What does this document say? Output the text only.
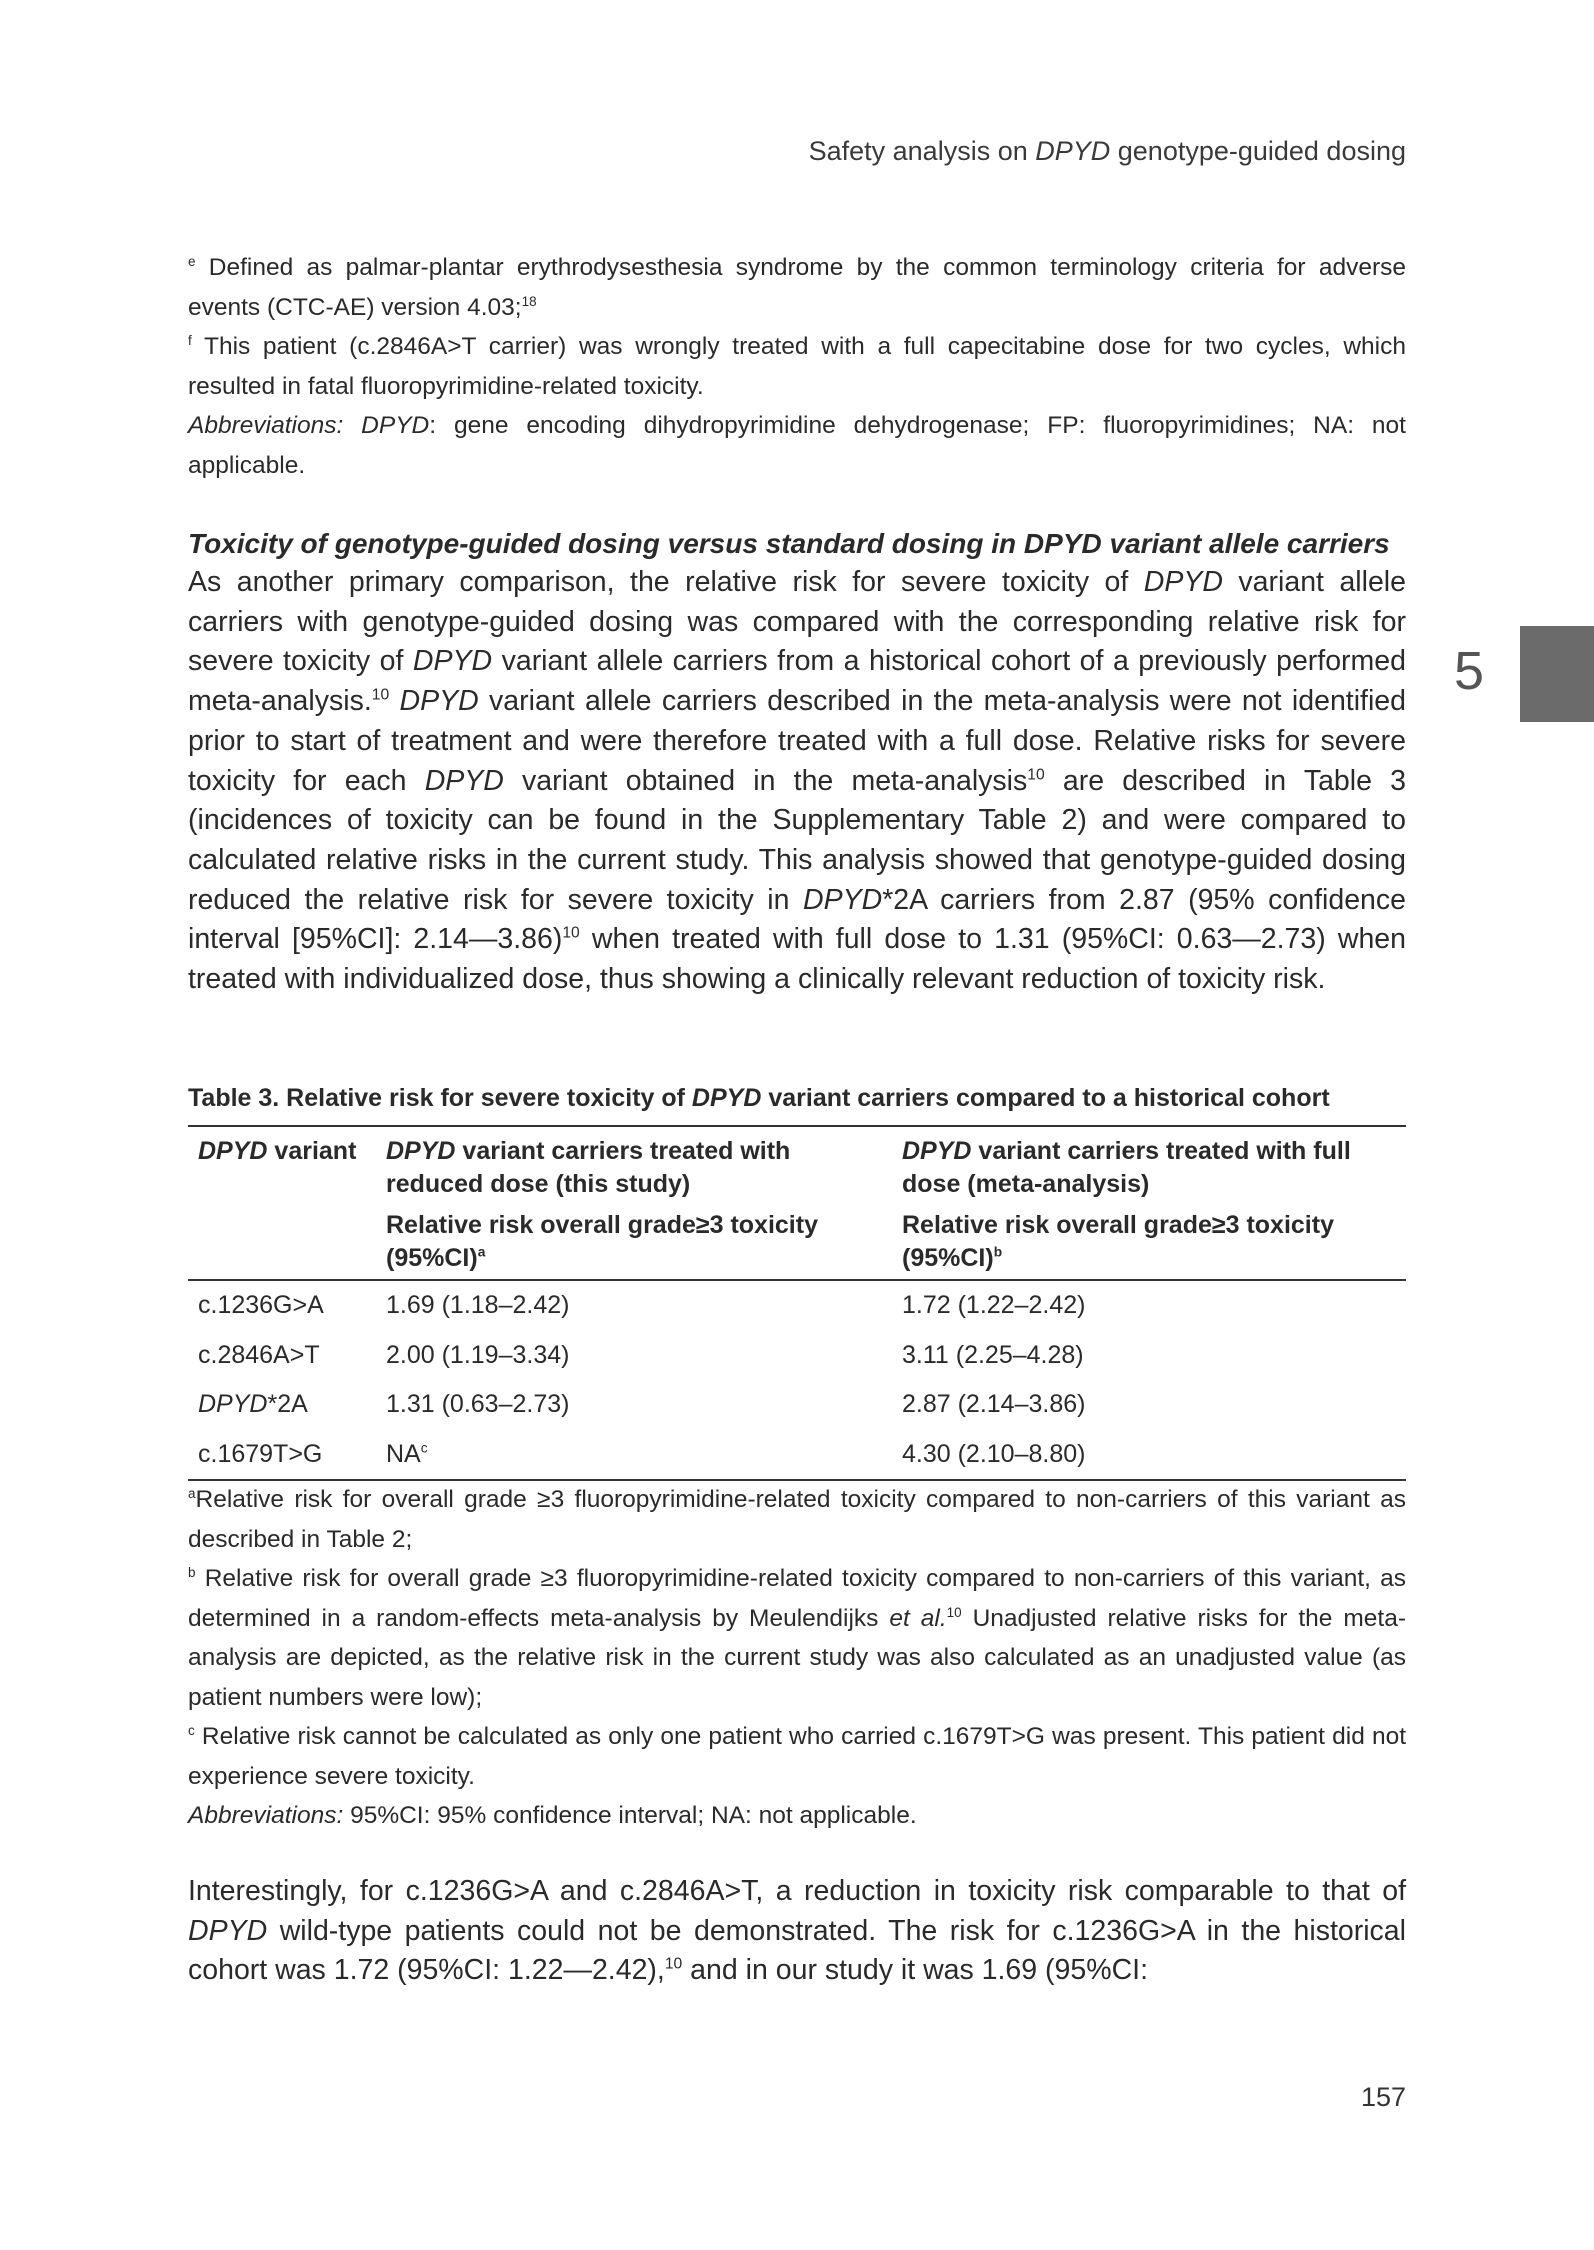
Safety analysis on DPYD genotype-guided dosing
5

$^e$ Defined as palmar-plantar erythrodysesthesia syndrome by the common terminology criteria for adverse events (CTC-AE) version 4.03;$^{18}$

$^f$ This patient (c.2846A>T carrier) was wrongly treated with a full capecitabine dose for two cycles, which resulted in fatal fluoropyrimidine-related toxicity.

Abbreviations: DPYD: gene encoding dihydropyrimidine dehydrogenase; FP: fluoropyrimidines; NA: not applicable.

Toxicity of genotype-guided dosing versus standard dosing in DPYD variant allele carriers

As another primary comparison, the relative risk for severe toxicity of DPYD variant allele carriers with genotype-guided dosing was compared with the corresponding relative risk for severe toxicity of DPYD variant allele carriers from a historical cohort of a previously performed meta-analysis.$^{10}$ DPYD variant allele carriers described in the meta-analysis were not identified prior to start of treatment and were therefore treated with a full dose. Relative risks for severe toxicity for each DPYD variant obtained in the meta-analysis$^{10}$ are described in Table 3 (incidences of toxicity can be found in the Supplementary Table 2) and were compared to calculated relative risks in the current study. This analysis showed that genotype-guided dosing reduced the relative risk for severe toxicity in DPYD*2A carriers from 2.87 (95% confidence interval [95%CI]: 2.14—3.86)$^{10}$ when treated with full dose to 1.31 (95%CI: 0.63—2.73) when treated with individualized dose, thus showing a clinically relevant reduction of toxicity risk.

Table 3. Relative risk for severe toxicity of DPYD variant carriers compared to a historical cohort

DPYD variant	DPYD variant carriers treated with reduced dose (this study)	DPYD variant carriers treated with full dose (meta-analysis)
	Relative risk overall grade≥3 toxicity $(95\%CI)^a$	Relative risk overall grade≥3 toxicity $(95\%CI)^b$
c.1236G>A	1.69 (1.18–2.42)	1.72 (1.22–2.42)
c.2846A>T	2.00 (1.19–3.34)	3.11 (2.25–4.28)
DPYD*2A	1.31 (0.63–2.73)	2.87 (2.14–3.86)
c.1679T>G	$NA^c$	4.30 (2.10–8.80)

$^a$Relative risk for overall grade ≥3 fluoropyrimidine-related toxicity compared to non-carriers of this variant as described in Table 2;

$^b$ Relative risk for overall grade ≥3 fluoropyrimidine-related toxicity compared to non-carriers of this variant, as determined in a random-effects meta-analysis by Meulendijks et al.$^{10}$ Unadjusted relative risks for the meta-analysis are depicted, as the relative risk in the current study was also calculated as an unadjusted value (as patient numbers were low);

$^c$ Relative risk cannot be calculated as only one patient who carried c.1679T>G was present. This patient did not experience severe toxicity.

Abbreviations: 95%CI: 95% confidence interval; NA: not applicable.

Interestingly, for c.1236G>A and c.2846A>T, a reduction in toxicity risk comparable to that of DPYD wild-type patients could not be demonstrated. The risk for c.1236G>A in the historical cohort was 1.72 (95%CI: 1.22—2.42),$^{10}$ and in our study it was 1.69 (95%CI:

157
